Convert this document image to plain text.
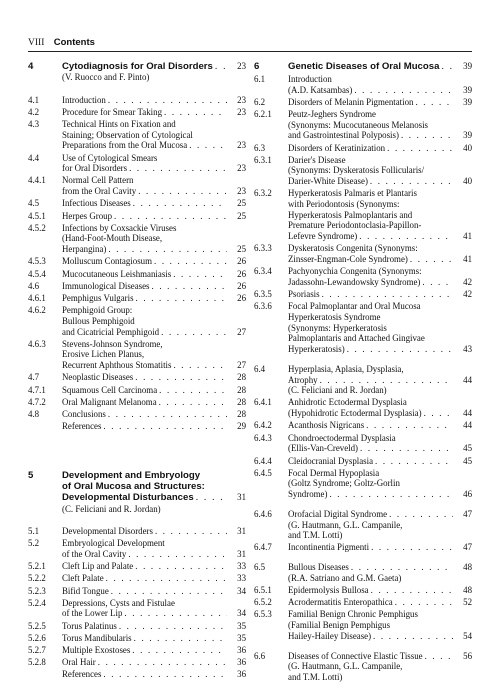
VIII Contents
4	Cytodiagnosis for Oral Disorders . . .	23
(V. Ruocco and F. Pinto)
4.1	Introduction . . .	23
4.2	Procedure for Smear Taking . . .	23
4.3	Technical Hints on Fixation and
Staining; Observation of Cytological
Preparations from the Oral Mucosa . . .	23
4.4	Use of Cytological Smears
for Oral Disorders . . .	23
4.4.1	Normal Cell Pattern
from the Oral Cavity . . .	23
4.5	Infectious Diseases . . .	25
4.5.1	Herpes Group . . .	25
4.5.2	Infections by Coxsackie Viruses
(Hand-Foot-Mouth Disease,
Herpangina) . . .	25
4.5.3	Molluscum Contagiosum . . .	26
4.5.4	Mucocutaneous Leishmaniasis . . .	26
4.6	Immunological Diseases . . .	26
4.6.1	Pemphigus Vulgaris . . .	26
4.6.2	Pemphigoid Group:
Bullous Pemphigoid
and Cicatricial Pemphigoid . . .	27
4.6.3	Stevens-Johnson Syndrome,
Erosive Lichen Planus,
Recurrent Aphthous Stomatitis . . .	27
4.7	Neoplastic Diseases . . .	28
4.7.1	Squamous Cell Carcinoma . . .	28
4.7.2	Oral Malignant Melanoma . . .	28
4.8	Conclusions . . .	28
References . . .	29
5	Development and Embryology
of Oral Mucosa and Structures:
Developmental Disturbances . . .	31
(C. Feliciani and R. Jordan)
5.1	Developmental Disorders . . .	31
5.2	Embryological Development
of the Oral Cavity . . .	31
5.2.1	Cleft Lip and Palate . . .	33
5.2.2	Cleft Palate . . .	33
5.2.3	Bifid Tongue . . .	34
5.2.4	Depressions, Cysts and Fistulae
of the Lower Lip . . .	34
5.2.5	Torus Palatinus . . .	35
5.2.6	Torus Mandibularis . . .	35
5.2.7	Multiple Exostoses . . .	36
5.2.8	Oral Hair . . .	36
References . . .	36
6	Genetic Diseases of Oral Mucosa . . .	39
6.1	Introduction
(A.D. Katsambas) . . .	39
6.2	Disorders of Melanin Pigmentation . . .	39
6.2.1	Peutz-Jeghers Syndrome
(Synonyms: Mucocutaneous Melanosis
and Gastrointestinal Polyposis) . . .	39
6.3	Disorders of Keratinization . . .	40
6.3.1	Darier's Disease
(Synonyms: Dyskeratosis Follicularis/
Darier-White Disease) . . .	40
6.3.2	Hyperkeratosis Palmaris et Plantaris
with Periodontosis (Synonyms:
Hyperkeratosis Palmoplantaris and
Premature Periodontoclasia-Papillon-
Lefevre Syndrome) . . .	41
6.3.3	Dyskeratosis Congenita (Synonyms:
Zinsser-Engman-Cole Syndrome) . . .	41
6.3.4	Pachyonychia Congenita (Synonyms:
Jadassohn-Lewandowsky Syndrome) . . .	42
6.3.5	Psoriasis . . .	42
6.3.6	Focal Palmoplantar and Oral Mucosa
Hyperkeratosis Syndrome
(Synonyms: Hyperkeratosis
Palmoplantaris and Attached Gingivae
Hyperkeratosis) . . .	43
6.4	Hyperplasia, Aplasia, Dysplasia,
Atrophy . . .	44
(C. Feliciani and R. Jordan)
6.4.1	Anhidrotic Ectodermal Dysplasia
(Hypohidrotic Ectodermal Dysplasia) . . .	44
6.4.2	Acanthosis Nigricans . . .	44
6.4.3	Chondroectodermal Dysplasia
(Ellis-Van-Creveld) . . .	45
6.4.4	Cleidocranial Dysplasia . . .	45
6.4.5	Focal Dermal Hypoplasia
(Goltz Syndrome; Goltz-Gorlin
Syndrome) . . .	46
6.4.6	Orofacial Digital Syndrome . . .	47
(G. Hautmann, G.L. Campanile,
and T.M. Lotti)
6.4.7	Incontinentia Pigmenti . . .	47
6.5	Bullous Diseases . . .	48
(R.A. Satriano and G.M. Gaeta)
6.5.1	Epidermolysis Bullosa . . .	48
6.5.2	Acrodermatitis Enteropathica . . .	52
6.5.3	Familial Benign Chronic Pemphigus
(Familial Benign Pemphigus
Hailey-Hailey Disease) . . .	54
6.6	Diseases of Connective Elastic Tissue . . .	56
(G. Hautmann, G.L. Campanile,
and T.M. Lotti)
